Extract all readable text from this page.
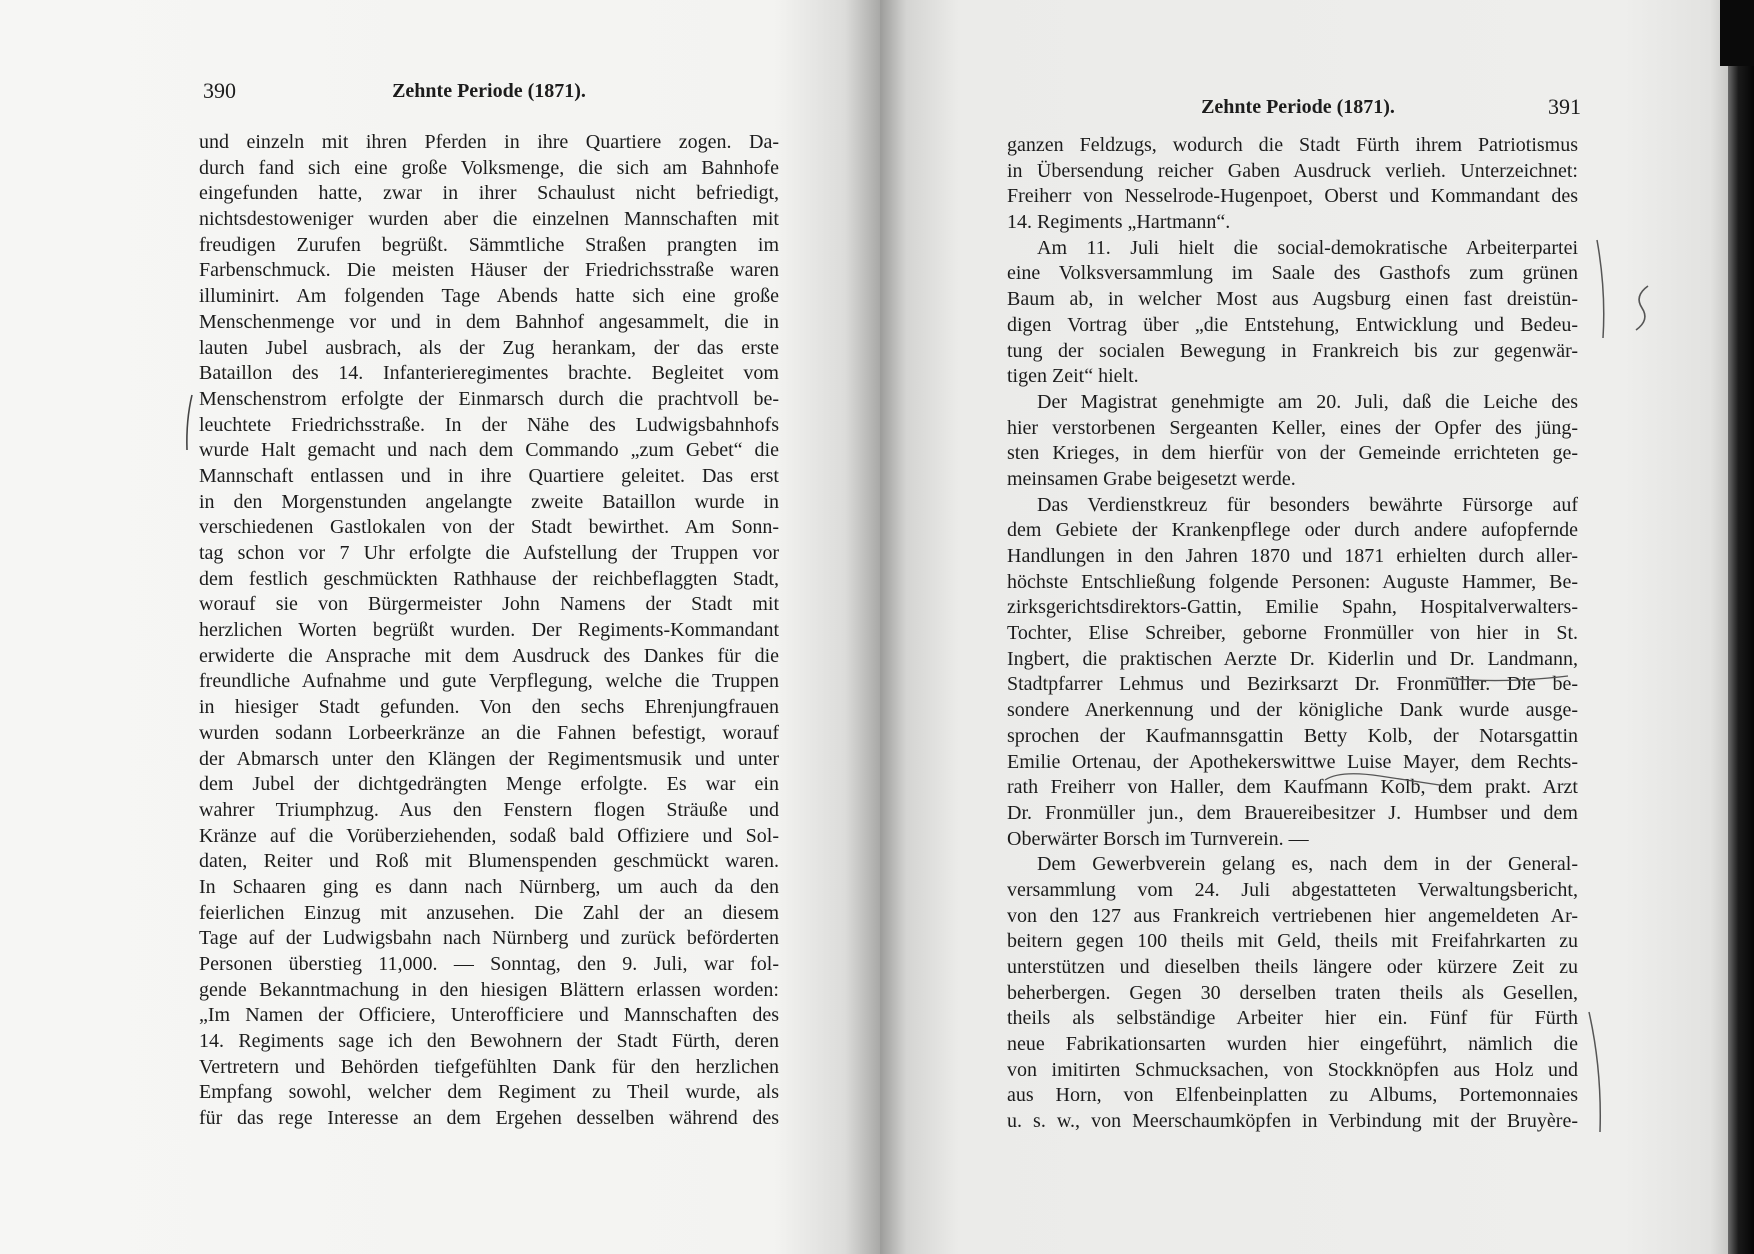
390	Zehnte Periode (1871).
und einzeln mit ihren Pferden in ihre Quartiere zogen. Da-
durch fand sich eine große Volksmenge, die sich am Bahnhofe
eingefunden hatte, zwar in ihrer Schaulust nicht befriedigt,
nichtsdestoweniger wurden aber die einzelnen Mannschaften mit
freudigen Zurufen begrüßt. Sämmtliche Straßen prangten im
Farbenschmuck. Die meisten Häuser der Friedrichsstraße waren
illuminirt. Am folgenden Tage Abends hatte sich eine große
Menschenmenge vor und in dem Bahnhof angesammelt, die in
lauten Jubel ausbrach, als der Zug herankam, der das erste
Bataillon des 14. Infanterieregimentes brachte. Begleitet vom
Menschenstrom erfolgte der Einmarsch durch die prachtvoll be-
leuchtete Friedrichsstraße. In der Nähe des Ludwigsbahnhofs
wurde Halt gemacht und nach dem Commando „zum Gebet“ die
Mannschaft entlassen und in ihre Quartiere geleitet. Das erst
in den Morgenstunden angelangte zweite Bataillon wurde in
verschiedenen Gastlokalen von der Stadt bewirthet. Am Sonn-
tag schon vor 7 Uhr erfolgte die Aufstellung der Truppen vor
dem festlich geschmückten Rathhause der reichbeflaggten Stadt,
worauf sie von Bürgermeister John Namens der Stadt mit
herzlichen Worten begrüßt wurden. Der Regiments-Kommandant
erwiderte die Ansprache mit dem Ausdruck des Dankes für die
freundliche Aufnahme und gute Verpflegung, welche die Truppen
in hiesiger Stadt gefunden. Von den sechs Ehrenjungfrauen
wurden sodann Lorbeerkränze an die Fahnen befestigt, worauf
der Abmarsch unter den Klängen der Regimentsmusik und unter
dem Jubel der dichtgedrängten Menge erfolgte. Es war ein
wahrer Triumphzug. Aus den Fenstern flogen Sträuße und
Kränze auf die Vorüberziehenden, sodaß bald Offiziere und Sol-
daten, Reiter und Roß mit Blumenspenden geschmückt waren.
In Schaaren ging es dann nach Nürnberg, um auch da den
feierlichen Einzug mit anzusehen. Die Zahl der an diesem
Tage auf der Ludwigsbahn nach Nürnberg und zurück beförderten
Personen überstieg 11,000. — Sonntag, den 9. Juli, war fol-
gende Bekanntmachung in den hiesigen Blättern erlassen worden:
„Im Namen der Officiere, Unterofficiere und Mannschaften des
14. Regiments sage ich den Bewohnern der Stadt Fürth, deren
Vertretern und Behörden tiefgefühlten Dank für den herzlichen
Empfang sowohl, welcher dem Regiment zu Theil wurde, als
für das rege Interesse an dem Ergehen desselben während des
Zehnte Periode (1871).	391
ganzen Feldzugs, wodurch die Stadt Fürth ihrem Patriotismus
in Übersendung reicher Gaben Ausdruck verlieh. Unterzeichnet:
Freiherr von Nesselrode-Hugenpoet, Oberst und Kommandant des
14. Regiments „Hartmann“.
Am 11. Juli hielt die social-demokratische Arbeiterpartei
eine Volksversammlung im Saale des Gasthofs zum grünen
Baum ab, in welcher Most aus Augsburg einen fast dreistün-
digen Vortrag über „die Entstehung, Entwicklung und Bedeu-
tung der socialen Bewegung in Frankreich bis zur gegenwär-
tigen Zeit“ hielt.
Der Magistrat genehmigte am 20. Juli, daß die Leiche des
hier verstorbenen Sergeanten Keller, eines der Opfer des jüng-
sten Krieges, in dem hierfür von der Gemeinde errichteten ge-
meinsamen Grabe beigesetzt werde.
Das Verdienstkreuz für besonders bewährte Fürsorge auf
dem Gebiete der Krankenpflege oder durch andere aufopfernde
Handlungen in den Jahren 1870 und 1871 erhielten durch aller-
höchste Entschließung folgende Personen: Auguste Hammer, Be-
zirksgerichtsdirektors-Gattin, Emilie Spahn, Hospitalverwalters-
Tochter, Elise Schreiber, geborne Fronmüller von hier in St.
Ingbert, die praktischen Aerzte Dr. Kiderlin und Dr. Landmann,
Stadtpfarrer Lehmus und Bezirksarzt Dr. Fronmüller. Die be-
sondere Anerkennung und der königliche Dank wurde ausge-
sprochen der Kaufmannsgattin Betty Kolb, der Notarsgattin
Emilie Ortenau, der Apothekerswittwe Luise Mayer, dem Rechts-
rath Freiherr von Haller, dem Kaufmann Kolb, dem prakt. Arzt
Dr. Fronmüller jun., dem Brauereibesitzer J. Humbser und dem
Oberwärter Borsch im Turnverein. —
Dem Gewerbverein gelang es, nach dem in der General-
versammlung vom 24. Juli abgestatteten Verwaltungsbericht,
von den 127 aus Frankreich vertriebenen hier angemeldeten Ar-
beitern gegen 100 theils mit Geld, theils mit Freifahrkarten zu
unterstützen und dieselben theils längere oder kürzere Zeit zu
beherbergen. Gegen 30 derselben traten theils als Gesellen,
theils als selbständige Arbeiter hier ein. Fünf für Fürth
neue Fabrikationsarten wurden hier eingeführt, nämlich die
von imitirten Schmucksachen, von Stockknöpfen aus Holz und
aus Horn, von Elfenbeinplatten zu Albums, Portemonnaies
u. s. w., von Meerschaumköpfen in Verbindung mit der Bruyère-
